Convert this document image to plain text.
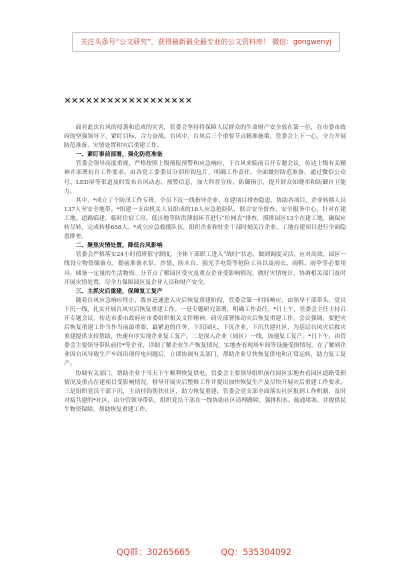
关注头条号“公文研究”，获得最新最全最专业的公文资料库！ 微信：gongwenyj
××××××××××××××××××

面对此次台风的侵袭和造成的灾害，管委会坚持将保障人民群众的生命财产安全放在第一位，在市委市政府的坚强领导下，紧盯目标，合力奋战。台风中，台风后三个重要节点精准施策，管委会上下一心，全力开展防范准备、灾情处置和灾后重建工作。

一、紧盯事前部署，强化防范准备

管委会领导高度重视，严格按照上级预报预警和应急响应，于台风来临前召开专题会议，传达上级有关精神并部署抗台工作要求。由各党工委委员分别挂钩包片，明确工作责任，全面做好防范准备，通过微信公众号、LED屏等渠道及时发布台风动态、预警信息，加大科普宣传、防御指引，提升群众知晓率和防御自卫能力。

其中，*成立了个防汛工作专班，全员下沉一线指导企业、在建项目排查隐患，协助各项目、企业转移人员137人至安全地带。*组建一支由机关人员组成的18人应急抢险队，联合安全督查、安全服务中心，针对在建工地、道路临建、临时住宿工房、低洼地等防洪薄弱环节进行“拉网式”排查，摸排园区13个在建工地，确保应转尽转，完成转移658人。*成立应急救援队伍，组织企业和驻企干部时刻关注企业、工地在建项目进行全面隐患排查。

二、聚焦灾情处置，降低台风影响

管委会严格落实24小时值班值守制度，全体干部职工进入“战时”状态，做到调度灵活、应对高效。园区一线设立物资储备点，提前准备水泵、沙袋、防水台、强光手电筒等抢险工具以及雨衣、雨鞋、雨伞等必要用具，储备一定量的生活物资。分节点了解园区受灾及重点企业受影响情况，做好灾情统计，协调相关部门及时开展灾情处置，尽全力保障园区及企业人员和财产安全。

三、主抓灾后重建，保障复工复产

随着台风应急响应终止，我市迅速进入灾后恢复重建阶段，管委会第一时间响应，由领导干部带头，党员下沉一线，扎实开展台风灾后恢复重建工作。一是专题研究部署，明确工作责任。*日上午，管委会主任主持召开专题会议，传达市委市政府应市委组织相关文件精神，研究部署推动灾后恢复重建工作，会议强调，要把灾后恢复重建工作当作当前最重要、最紧迫的任务，下沉园区、下沉企业，下沉共建社区，为基层台风灾后救灾重建提供支持帮助，快速有序实现企业复工复产。二是深入企业（园区）一线，加速复工复产。*日下午，由管委会主要领导带队前往*等企业，详细了解企业生产恢复情况，实地查看现场车间等设施受损情况，在了解到企业因台风导致生产车间出现停电问题后，立即协调有关部门，帮助企业尽快恢复供电和正常运转，助力复工复产。

协调有关部门，帮助企业于当天下午顺利恢复供电。管委会主要领导组织前往园区实地查看园区道路受损情况及重点在建项目受影响情况，督导开展灾后整修工作并提出加快恢复生产及尽快开展灾后重建工作要求。三是组织党员干部下沉，主动挂钩帮扶社区，助力恢复重建。管委会党支部全面落实社区报到工作机制，及时对接共建的*社区，由分管领导带队，组织党员干部在一线协助社区清理路障，强排积水、疏通堵塞，并提供民生物资保障，帮助恢复重建工作。

QQ群：30265665	QQ：535304092
